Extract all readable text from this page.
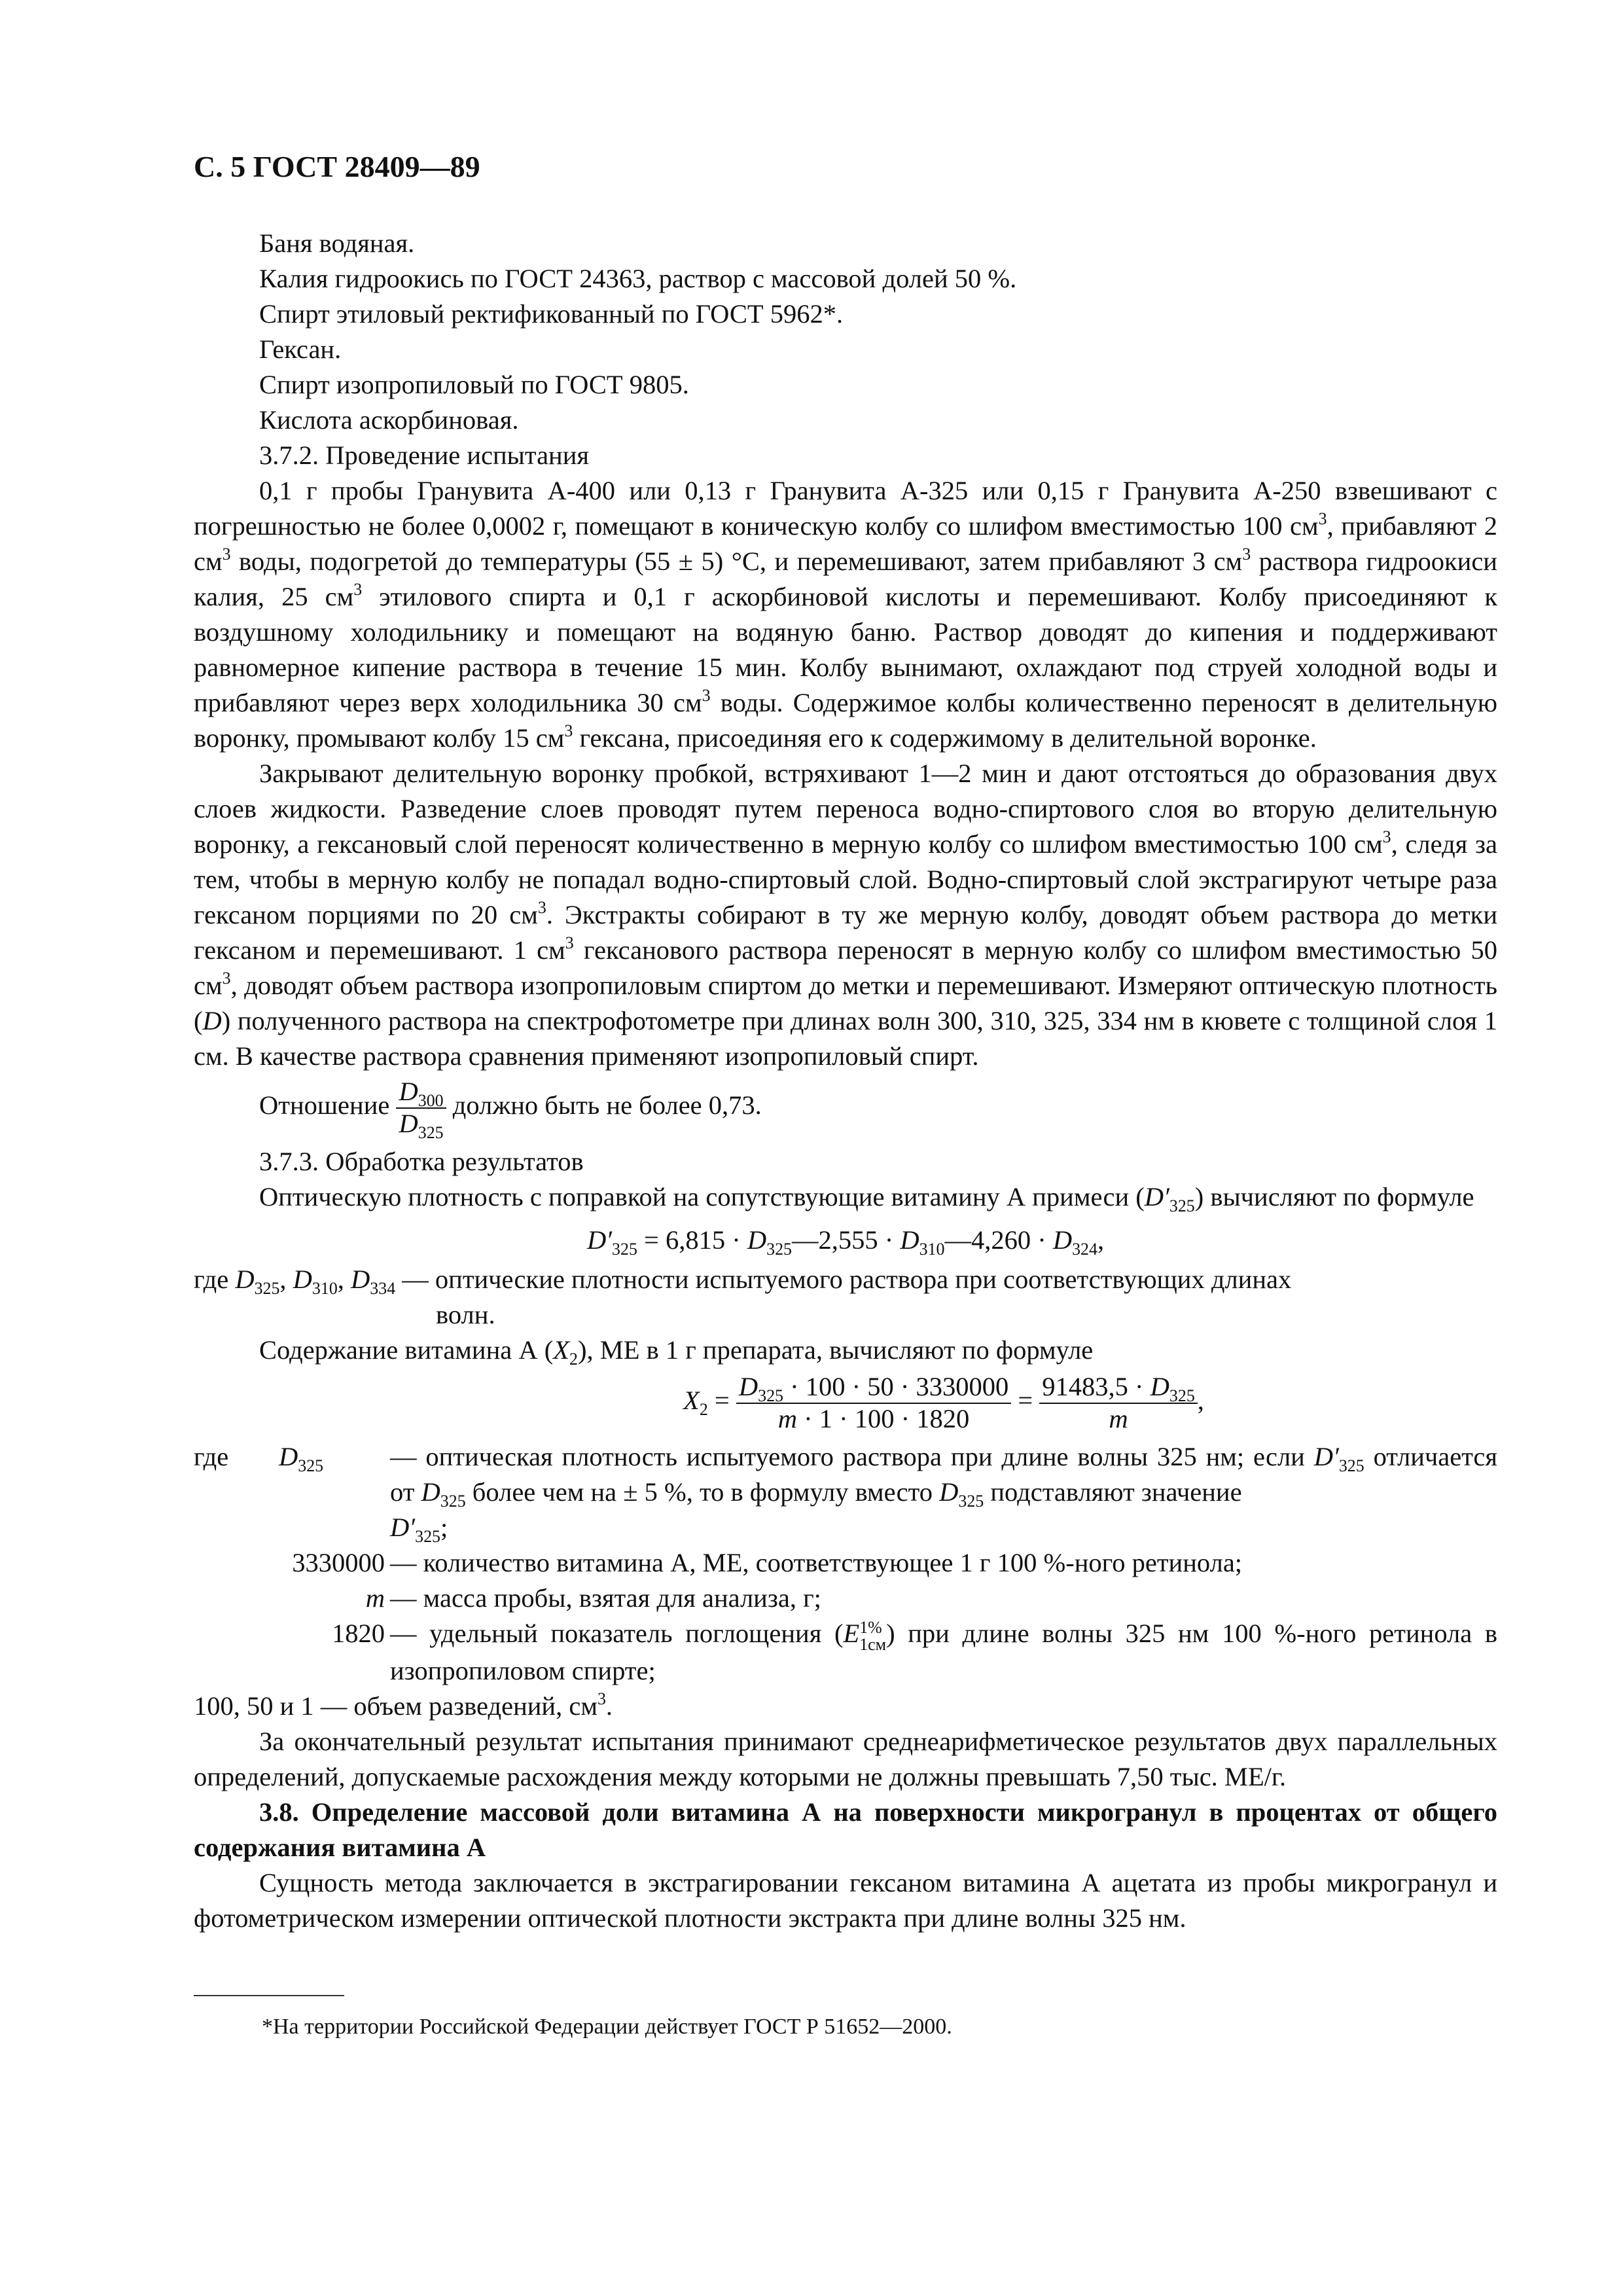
С. 5 ГОСТ 28409—89
Баня водяная.
Калия гидроокись по ГОСТ 24363, раствор с массовой долей 50 %.
Спирт этиловый ректификованный по ГОСТ 5962*.
Гексан.
Спирт изопропиловый по ГОСТ 9805.
Кислота аскорбиновая.
3.7.2. Проведение испытания

0,1 г пробы Гранувита А-400 или 0,13 г Гранувита А-325 или 0,15 г Гранувита А-250 взвешивают с погрешностью не более 0,0002 г, помещают в коническую колбу со шлифом вместимостью 100 $см^3$, прибавляют 2 $см^3$ воды, подогретой до температуры (55 ± 5) °С, и перемешивают, затем прибавляют 3 $см^3$ раствора гидроокиси калия, 25 $см^3$ этилового спирта и 0,1 г аскорбиновой кислоты и перемешивают. Колбу присоединяют к воздушному холодильнику и помещают на водяную баню. Раствор доводят до кипения и поддерживают равномерное кипение раствора в течение 15 мин. Колбу вынимают, охлаждают под струей холодной воды и прибавляют через верх холодильника 30 $см^3$ воды. Содержимое колбы количественно переносят в делительную воронку, промывают колбу 15 $см^3$ гексана, присоединяя его к содержимому в делительной воронке.

Закрывают делительную воронку пробкой, встряхивают 1—2 мин и дают отстояться до образования двух слоев жидкости. Разведение слоев проводят путем переноса водно-спиртового слоя во вторую делительную воронку, а гексановый слой переносят количественно в мерную колбу со шлифом вместимостью 100 $см^3$, следя за тем, чтобы в мерную колбу не попадал водно-спиртовый слой. Водно-спиртовый слой экстрагируют четыре раза гексаном порциями по 20 $см^3$. Экстракты собирают в ту же мерную колбу, доводят объем раствора до метки гексаном и перемешивают. 1 $см^3$ гексанового раствора переносят в мерную колбу со шлифом вместимостью 50 $см^3$, доводят объем раствора изопропиловым спиртом до метки и перемешивают. Измеряют оптическую плотность (D) полученного раствора на спектрофотометре при длинах волн 300, 310, 325, 334 нм в кювете с толщиной слоя 1 см. В качестве раствора сравнения применяют изопропиловый спирт.

Отношение $\frac{D_{300}}{D_{325}}$ должно быть не более 0,73.
3.7.3. Обработка результатов

Оптическую плотность с поправкой на сопутствующие витамину А примеси $(D'_{325})$ вычисляют по формуле

$D'_{325} = 6,815$ · $D_{325}—2,555$ · $D_{310}—4,260 \cdot D_{324}$,
где $D_{325}$, $D_{310}$, $D_{334}$ — оптические плотности испытуемого раствора при соответствующих длинах
волн.

Содержание витамина А $(X_2)$, МЕ в 1 г препарата, вычисляют по формуле

$X_2 = \frac{D_{325} \cdot 100 \cdot 50 \cdot 3330000}{m \cdot 1 \cdot 100 \cdot 1820} = \frac{91483,5 \cdot D_{325}}{m}$ ,
где $D_{325}$	— оптическая плотность испытуемого раствора при длине волны 325 нм; если $D'_{325}$ отличается от $D_{325}$ более чем на ± 5 %, то в формулу вместо $D_{325}$ подставляют значение
$D'_{325}$;
3330000 — количество витамина А, МЕ, соответствующее 1 г 100 %-ного ретинола;
m — масса пробы, взятая для анализа, г;
1820 — удельный показатель поглощения (E 1%
1см ) при длине волны 325 нм 100 %-ного ретинола в изопропиловом спирте;
100, 50 и 1 — объем разведений, $см^3$.

За окончательный результат испытания принимают среднеарифметическое результатов двух параллельных определений, допускаемые расхождения между которыми не должны превышать 7,50 тыс. МЕ/г.

3.8. Определение массовой доли витамина А на поверхности микрогранул в процентах от общего содержания витамина А

Сущность метода заключается в экстрагировании гексаном витамина А ацетата из пробы микрогранул и фотометрическом измерении оптической плотности экстракта при длине волны 325 нм.

*На территории Российской Федерации действует ГОСТ Р 51652—2000.
